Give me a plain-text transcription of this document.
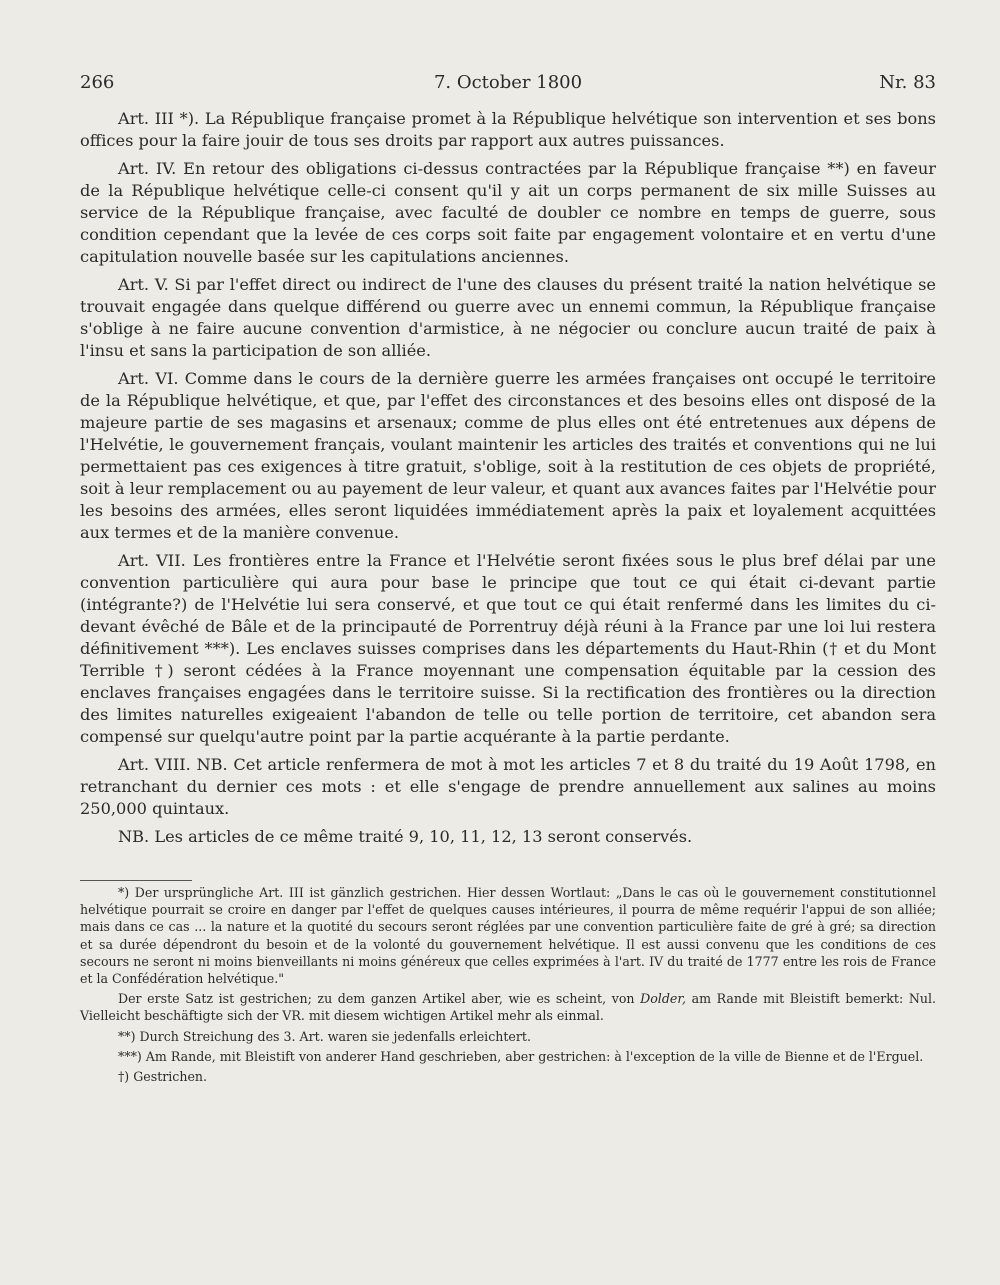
266	7. October 1800	Nr. 83

Art. III *). La République française promet à la République helvétique son intervention et ses bons offices pour la faire jouir de tous ses droits par rapport aux autres puissances.

Art. IV. En retour des obligations ci-dessus contractées par la République française **) en faveur de la République helvétique celle-ci consent qu'il y ait un corps permanent de six mille Suisses au service de la République française, avec faculté de doubler ce nombre en temps de guerre, sous condition cependant que la levée de ces corps soit faite par engagement volontaire et en vertu d'une capitulation nouvelle basée sur les capitulations anciennes.

Art. V. Si par l'effet direct ou indirect de l'une des clauses du présent traité la nation helvétique se trouvait engagée dans quelque différend ou guerre avec un ennemi commun, la République française s'oblige à ne faire aucune convention d'armistice, à ne négocier ou conclure aucun traité de paix à l'insu et sans la participation de son alliée.

Art. VI. Comme dans le cours de la dernière guerre les armées françaises ont occupé le territoire de la République helvétique, et que, par l'effet des circonstances et des besoins elles ont disposé de la majeure partie de ses magasins et arsenaux; comme de plus elles ont été entretenues aux dépens de l'Helvétie, le gouvernement français, voulant maintenir les articles des traités et conventions qui ne lui permettaient pas ces exigences à titre gratuit, s'oblige, soit à la restitution de ces objets de propriété, soit à leur remplacement ou au payement de leur valeur, et quant aux avances faites par l'Helvétie pour les besoins des armées, elles seront liquidées immédiatement après la paix et loyalement acquittées aux termes et de la manière convenue.

Art. VII. Les frontières entre la France et l'Helvétie seront fixées sous le plus bref délai par une convention particulière qui aura pour base le principe que tout ce qui était ci-devant partie (intégrante?) de l'Helvétie lui sera conservé, et que tout ce qui était renfermé dans les limites du ci-devant évêché de Bâle et de la principauté de Porrentruy déjà réuni à la France par une loi lui restera définitivement ***). Les enclaves suisses comprises dans les départements du Haut-Rhin († et du Mont Terrible †) seront cédées à la France moyennant une compensation équitable par la cession des enclaves françaises engagées dans le territoire suisse. Si la rectification des frontières ou la direction des limites naturelles exigeaient l'abandon de telle ou telle portion de territoire, cet abandon sera compensé sur quelqu'autre point par la partie acquérante à la partie perdante.

Art. VIII. NB. Cet article renfermera de mot à mot les articles 7 et 8 du traité du 19 Août 1798, en retranchant du dernier ces mots : et elle s'engage de prendre annuellement aux salines au moins 250,000 quintaux.

NB. Les articles de ce même traité 9, 10, 11, 12, 13 seront conservés.

*) Der ursprüngliche Art. III ist gänzlich gestrichen. Hier dessen Wortlaut: „Dans le cas où le gouvernement constitutionnel helvétique pourrait se croire en danger par l'effet de quelques causes intérieures, il pourra de même requérir l'appui de son alliée; mais dans ce cas ... la nature et la quotité du secours seront réglées par une convention particulière faite de gré à gré; sa direction et sa durée dépendront du besoin et de la volonté du gouvernement helvétique. Il est aussi convenu que les conditions de ces secours ne seront ni moins bienveillants ni moins généreux que celles exprimées à l'art. IV du traité de 1777 entre les rois de France et la Confédération helvétique."

Der erste Satz ist gestrichen; zu dem ganzen Artikel aber, wie es scheint, von Dolder, am Rande mit Bleistift bemerkt: Nul. Vielleicht beschäftigte sich der VR. mit diesem wichtigen Artikel mehr als einmal.

**) Durch Streichung des 3. Art. waren sie jedenfalls erleichtert.

***) Am Rande, mit Bleistift von anderer Hand geschrieben, aber gestrichen: à l'exception de la ville de Bienne et de l'Erguel.

†) Gestrichen.
